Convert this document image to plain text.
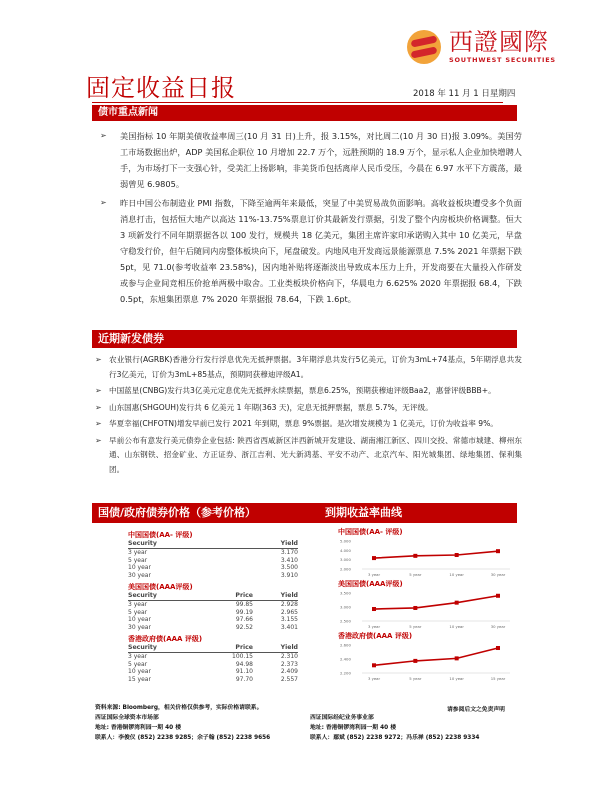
西證國際
SOUTHWEST SECURITIES
固定收益日报	2018 年 11 月 1 日星期四
债市重点新闻
➢ 美国指标 10 年期美债收益率周三(10 月 31 日)上升，报 3.15%，对比周二(10 月 30 日)报 3.09%。美国劳工市场数据出炉，ADP 美国私企职位 10 月增加 22.7 万个，远胜预期的 18.9 万个，显示私人企业加快增聘人手，为市场打下一支强心针，受美汇上扬影响，非美货币包括离岸人民币受压，今晨在 6.97 水平下方震荡，最弱曾见 6.9805。
➢ 昨日中国公布制造业 PMI 指数，下降至逾两年来最低，突显了中美贸易战负面影响。高收益板块遭受多个负面消息打击，包括恒大地产以高达 11%-13.75%票息订价其最新发行票据，引发了整个内房板块价格调整。恒大 3 项新发行不同年期票据各以 100 发行，规模共 18 亿美元，集团主席许家印承诺购入其中 10 亿美元，早盘守稳发行价，但午后随同内房整体板块向下，尾盘破发。内地风电开发商远景能源票息 7.5% 2021 年票据下跌 5pt，见 71.0(参考收益率 23.58%)，因内地补贴将逐渐淡出导致成本压力上升，开发商要在大量投入作研发或参与企业间竞相压价抢单两极中取舍。工业类板块价格向下，华晨电力 6.625% 2020 年票据报 68.4，下跌 0.5pt，东旭集团票息 7% 2020 年票据报 78.64，下跌 1.6pt。
近期新发债券
➢ 农业银行(AGRBK)香港分行发行浮息优先无抵押票据。3年期浮息共发行5亿美元，订价为3mL+74基点，5年期浮息共发行3亿美元，订价为3mL+85基点，预期同获穆迪评级A1。
➢ 中国蓝星(CNBG)发行共3亿美元定息优先无抵押永续票据，票息6.25%，预期获穆迪评级Baa2，惠誉评级BBB+。
➢ 山东国惠(SHGOUH)发行共 6 亿美元 1 年期(363 天)，定息无抵押票据，票息 5.7%，无评级。
➢ 华夏幸福(CHFOTN)增发早前已发行 2021 年到期，票息 9%票据。是次增发规模为 1 亿美元，订价为收益率 9%。
➢ 早前公布有意发行美元债券企业包括: 陕西省西咸新区沣西新城开发建设、湖南湘江新区、四川交投、常德市城建、柳州东通、山东钢铁、招金矿业、方正证券、浙江吉利、光大新鸿基、平安不动产、北京汽车、阳光城集团、绿地集团、保利集团。
国债/政府债券价格（参考价格）	到期收益率曲线
中国国债(AA- 评级)
Security		Yield
3 year		3.170
5 year		3.410
10 year		3.500
30 year		3.910
美国国债(AAA评级)
Security	Price	Yield
3 year	99.85	2.928
5 year	99.19	2.965
10 year	97.66	3.155
30 year	92.52	3.401
香港政府债(AAA 评级)
Security	Price	Yield
3 year	100.15	2.310
5 year	94.98	2.373
10 year	91.10	2.409
15 year	97.70	2.557
中国国债(AA- 评级)
2.000
3.000
4.000
5.000
3 year	5 year	10 year	30 year
美国国债(AAA评级)
2.500
3.000
3.500
3 year	5 year	10 year	30 year
香港政府债(AAA 评级)
2.200
2.400
2.600
3 year	5 year	10 year	15 year
资料来源: Bloomberg，相关价格仅供参考，实际价格请联系。
西证国际全球资本市场部
地址: 香港铜锣湾利园一期 40 楼
联系人：李俊仪 (852) 2238 9285；余子翰 (852) 2238 9656
请参阅后文之免责声明
西证国际经纪业务事业部
地址: 香港铜锣湾利园一期 40 楼
联系人：鄢斌 (852) 2238 9272；冯乐禅 (852) 2238 9334
